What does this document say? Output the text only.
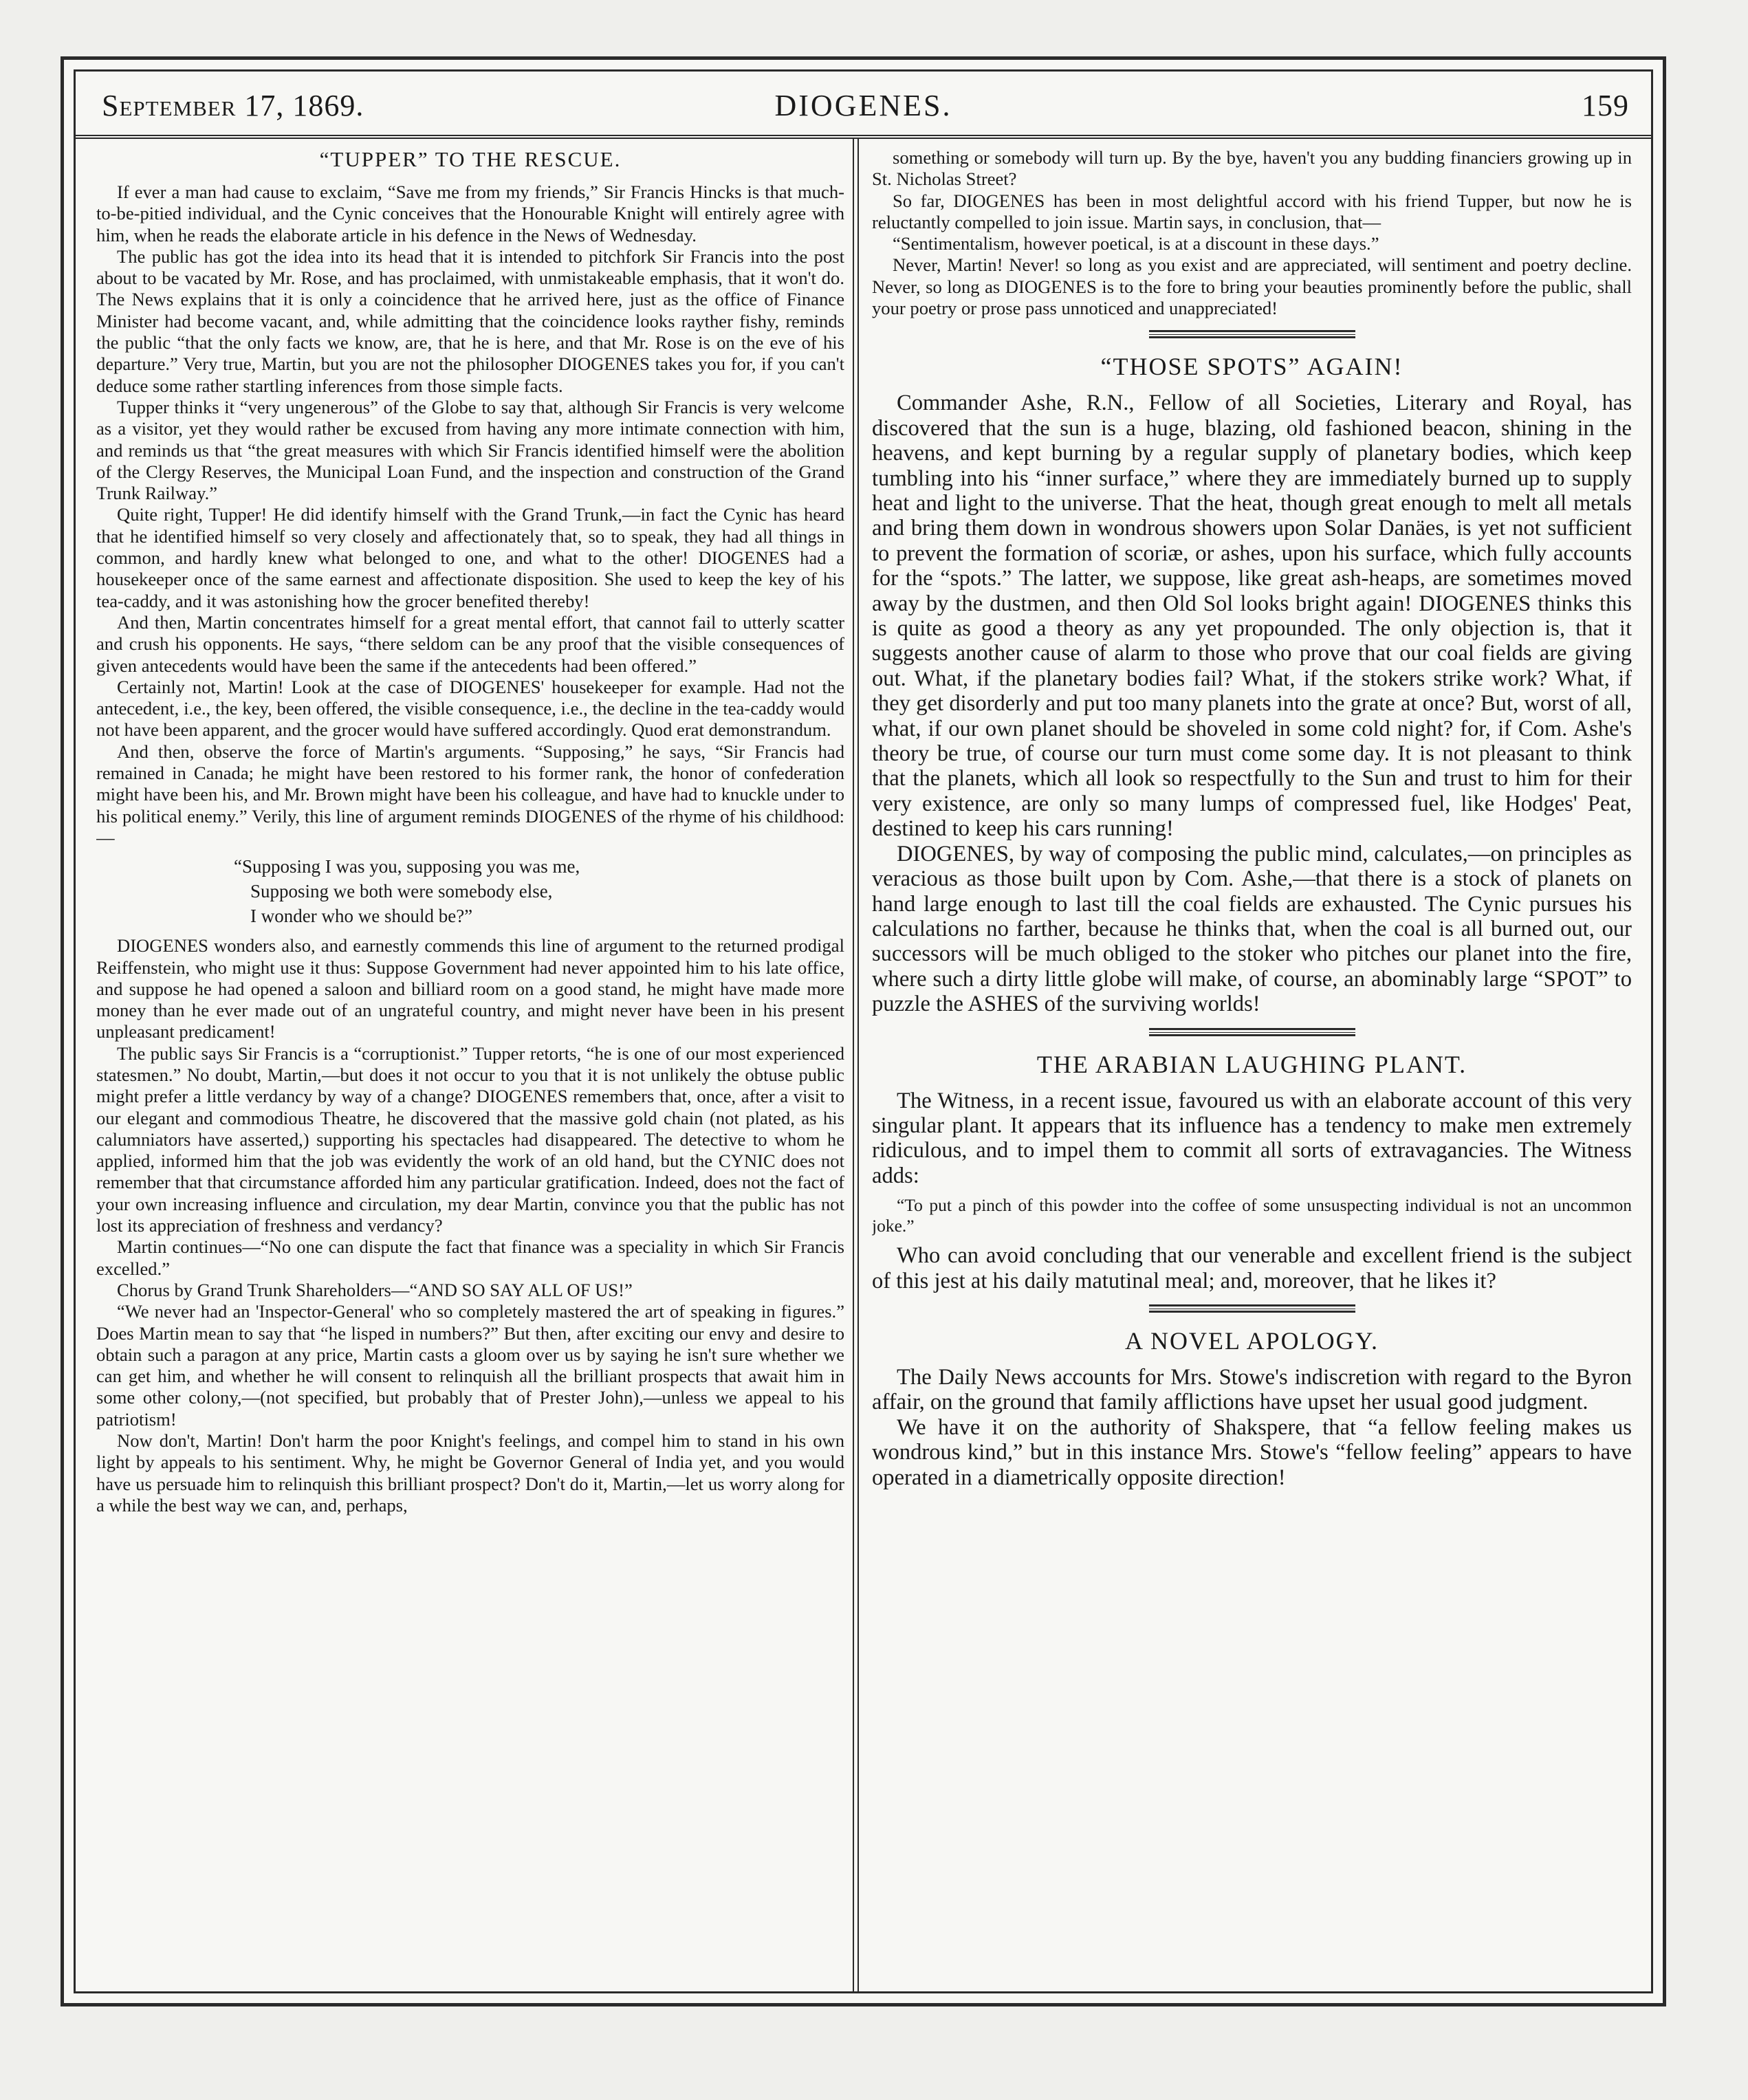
September 17, 1869.	DIOGENES.	159
“TUPPER” TO THE RESCUE.

If ever a man had cause to exclaim, “Save me from my friends,” Sir Francis Hincks is that much-to-be-pitied individual, and the Cynic conceives that the Honourable Knight will entirely agree with him, when he reads the elaborate article in his defence in the News of Wednesday.

The public has got the idea into its head that it is intended to pitchfork Sir Francis into the post about to be vacated by Mr. Rose, and has proclaimed, with unmistakeable emphasis, that it won't do. The News explains that it is only a coincidence that he arrived here, just as the office of Finance Minister had become vacant, and, while admitting that the coincidence looks rayther fishy, reminds the public “that the only facts we know, are, that he is here, and that Mr. Rose is on the eve of his departure.” Very true, Martin, but you are not the philosopher DIOGENES takes you for, if you can't deduce some rather startling inferences from those simple facts.

Tupper thinks it “very ungenerous” of the Globe to say that, although Sir Francis is very welcome as a visitor, yet they would rather be excused from having any more intimate connection with him, and reminds us that “the great measures with which Sir Francis identified himself were the abolition of the Clergy Reserves, the Municipal Loan Fund, and the inspection and construction of the Grand Trunk Railway.”

Quite right, Tupper! He did identify himself with the Grand Trunk,—in fact the Cynic has heard that he identified himself so very closely and affectionately that, so to speak, they had all things in common, and hardly knew what belonged to one, and what to the other! DIOGENES had a housekeeper once of the same earnest and affectionate disposition. She used to keep the key of his tea-caddy, and it was astonishing how the grocer benefited thereby!

And then, Martin concentrates himself for a great mental effort, that cannot fail to utterly scatter and crush his opponents. He says, “there seldom can be any proof that the visible consequences of given antecedents would have been the same if the antecedents had been offered.”

Certainly not, Martin! Look at the case of DIOGENES' housekeeper for example. Had not the antecedent, i.e., the key, been offered, the visible consequence, i.e., the decline in the tea-caddy would not have been apparent, and the grocer would have suffered accordingly. Quod erat demonstrandum.

And then, observe the force of Martin's arguments. “Supposing,” he says, “Sir Francis had remained in Canada; he might have been restored to his former rank, the honor of confederation might have been his, and Mr. Brown might have been his colleague, and have had to knuckle under to his political enemy.” Verily, this line of argument reminds DIOGENES of the rhyme of his childhood:—

“Supposing I was you, supposing you was me,
Supposing we both were somebody else,
I wonder who we should be?”

DIOGENES wonders also, and earnestly commends this line of argument to the returned prodigal Reiffenstein, who might use it thus: Suppose Government had never appointed him to his late office, and suppose he had opened a saloon and billiard room on a good stand, he might have made more money than he ever made out of an ungrateful country, and might never have been in his present unpleasant predicament!

The public says Sir Francis is a “corruptionist.” Tupper retorts, “he is one of our most experienced statesmen.” No doubt, Martin,—but does it not occur to you that it is not unlikely the obtuse public might prefer a little verdancy by way of a change? DIOGENES remembers that, once, after a visit to our elegant and commodious Theatre, he discovered that the massive gold chain (not plated, as his calumniators have asserted,) supporting his spectacles had disappeared. The detective to whom he applied, informed him that the job was evidently the work of an old hand, but the CYNIC does not remember that that circumstance afforded him any particular gratification. Indeed, does not the fact of your own increasing influence and circulation, my dear Martin, convince you that the public has not lost its appreciation of freshness and verdancy?

Martin continues—“No one can dispute the fact that finance was a speciality in which Sir Francis excelled.”

Chorus by Grand Trunk Shareholders—“AND SO SAY ALL OF US!”

“We never had an 'Inspector-General' who so completely mastered the art of speaking in figures.” Does Martin mean to say that “he lisped in numbers?” But then, after exciting our envy and desire to obtain such a paragon at any price, Martin casts a gloom over us by saying he isn't sure whether we can get him, and whether he will consent to relinquish all the brilliant prospects that await him in some other colony,—(not specified, but probably that of Prester John),—unless we appeal to his patriotism!

Now don't, Martin! Don't harm the poor Knight's feelings, and compel him to stand in his own light by appeals to his sentiment. Why, he might be Governor General of India yet, and you would have us persuade him to relinquish this brilliant prospect? Don't do it, Martin,—let us worry along for a while the best way we can, and, perhaps,

something or somebody will turn up. By the bye, haven't you any budding financiers growing up in St. Nicholas Street?

So far, DIOGENES has been in most delightful accord with his friend Tupper, but now he is reluctantly compelled to join issue. Martin says, in conclusion, that—

“Sentimentalism, however poetical, is at a discount in these days.”

Never, Martin! Never! so long as you exist and are appreciated, will sentiment and poetry decline. Never, so long as DIOGENES is to the fore to bring your beauties prominently before the public, shall your poetry or prose pass unnoticed and unappreciated!

“THOSE SPOTS” AGAIN!

Commander Ashe, R.N., Fellow of all Societies, Literary and Royal, has discovered that the sun is a huge, blazing, old fashioned beacon, shining in the heavens, and kept burning by a regular supply of planetary bodies, which keep tumbling into his “inner surface,” where they are immediately burned up to supply heat and light to the universe. That the heat, though great enough to melt all metals and bring them down in wondrous showers upon Solar Danäes, is yet not sufficient to prevent the formation of scoriæ, or ashes, upon his surface, which fully accounts for the “spots.” The latter, we suppose, like great ash-heaps, are sometimes moved away by the dustmen, and then Old Sol looks bright again! DIOGENES thinks this is quite as good a theory as any yet propounded. The only objection is, that it suggests another cause of alarm to those who prove that our coal fields are giving out. What, if the planetary bodies fail? What, if the stokers strike work? What, if they get disorderly and put too many planets into the grate at once? But, worst of all, what, if our own planet should be shoveled in some cold night? for, if Com. Ashe's theory be true, of course our turn must come some day. It is not pleasant to think that the planets, which all look so respectfully to the Sun and trust to him for their very existence, are only so many lumps of compressed fuel, like Hodges' Peat, destined to keep his cars running!

DIOGENES, by way of composing the public mind, calculates,—on principles as veracious as those built upon by Com. Ashe,—that there is a stock of planets on hand large enough to last till the coal fields are exhausted. The Cynic pursues his calculations no farther, because he thinks that, when the coal is all burned out, our successors will be much obliged to the stoker who pitches our planet into the fire, where such a dirty little globe will make, of course, an abominably large “SPOT” to puzzle the ASHES of the surviving worlds!

THE ARABIAN LAUGHING PLANT.

The Witness, in a recent issue, favoured us with an elaborate account of this very singular plant. It appears that its influence has a tendency to make men extremely ridiculous, and to impel them to commit all sorts of extravagancies. The Witness adds:

“To put a pinch of this powder into the coffee of some unsuspecting individual is not an uncommon joke.”

Who can avoid concluding that our venerable and excellent friend is the subject of this jest at his daily matutinal meal; and, moreover, that he likes it?

A NOVEL APOLOGY.

The Daily News accounts for Mrs. Stowe's indiscretion with regard to the Byron affair, on the ground that family afflictions have upset her usual good judgment.

We have it on the authority of Shakspere, that “a fellow feeling makes us wondrous kind,” but in this instance Mrs. Stowe's “fellow feeling” appears to have operated in a diametrically opposite direction!
